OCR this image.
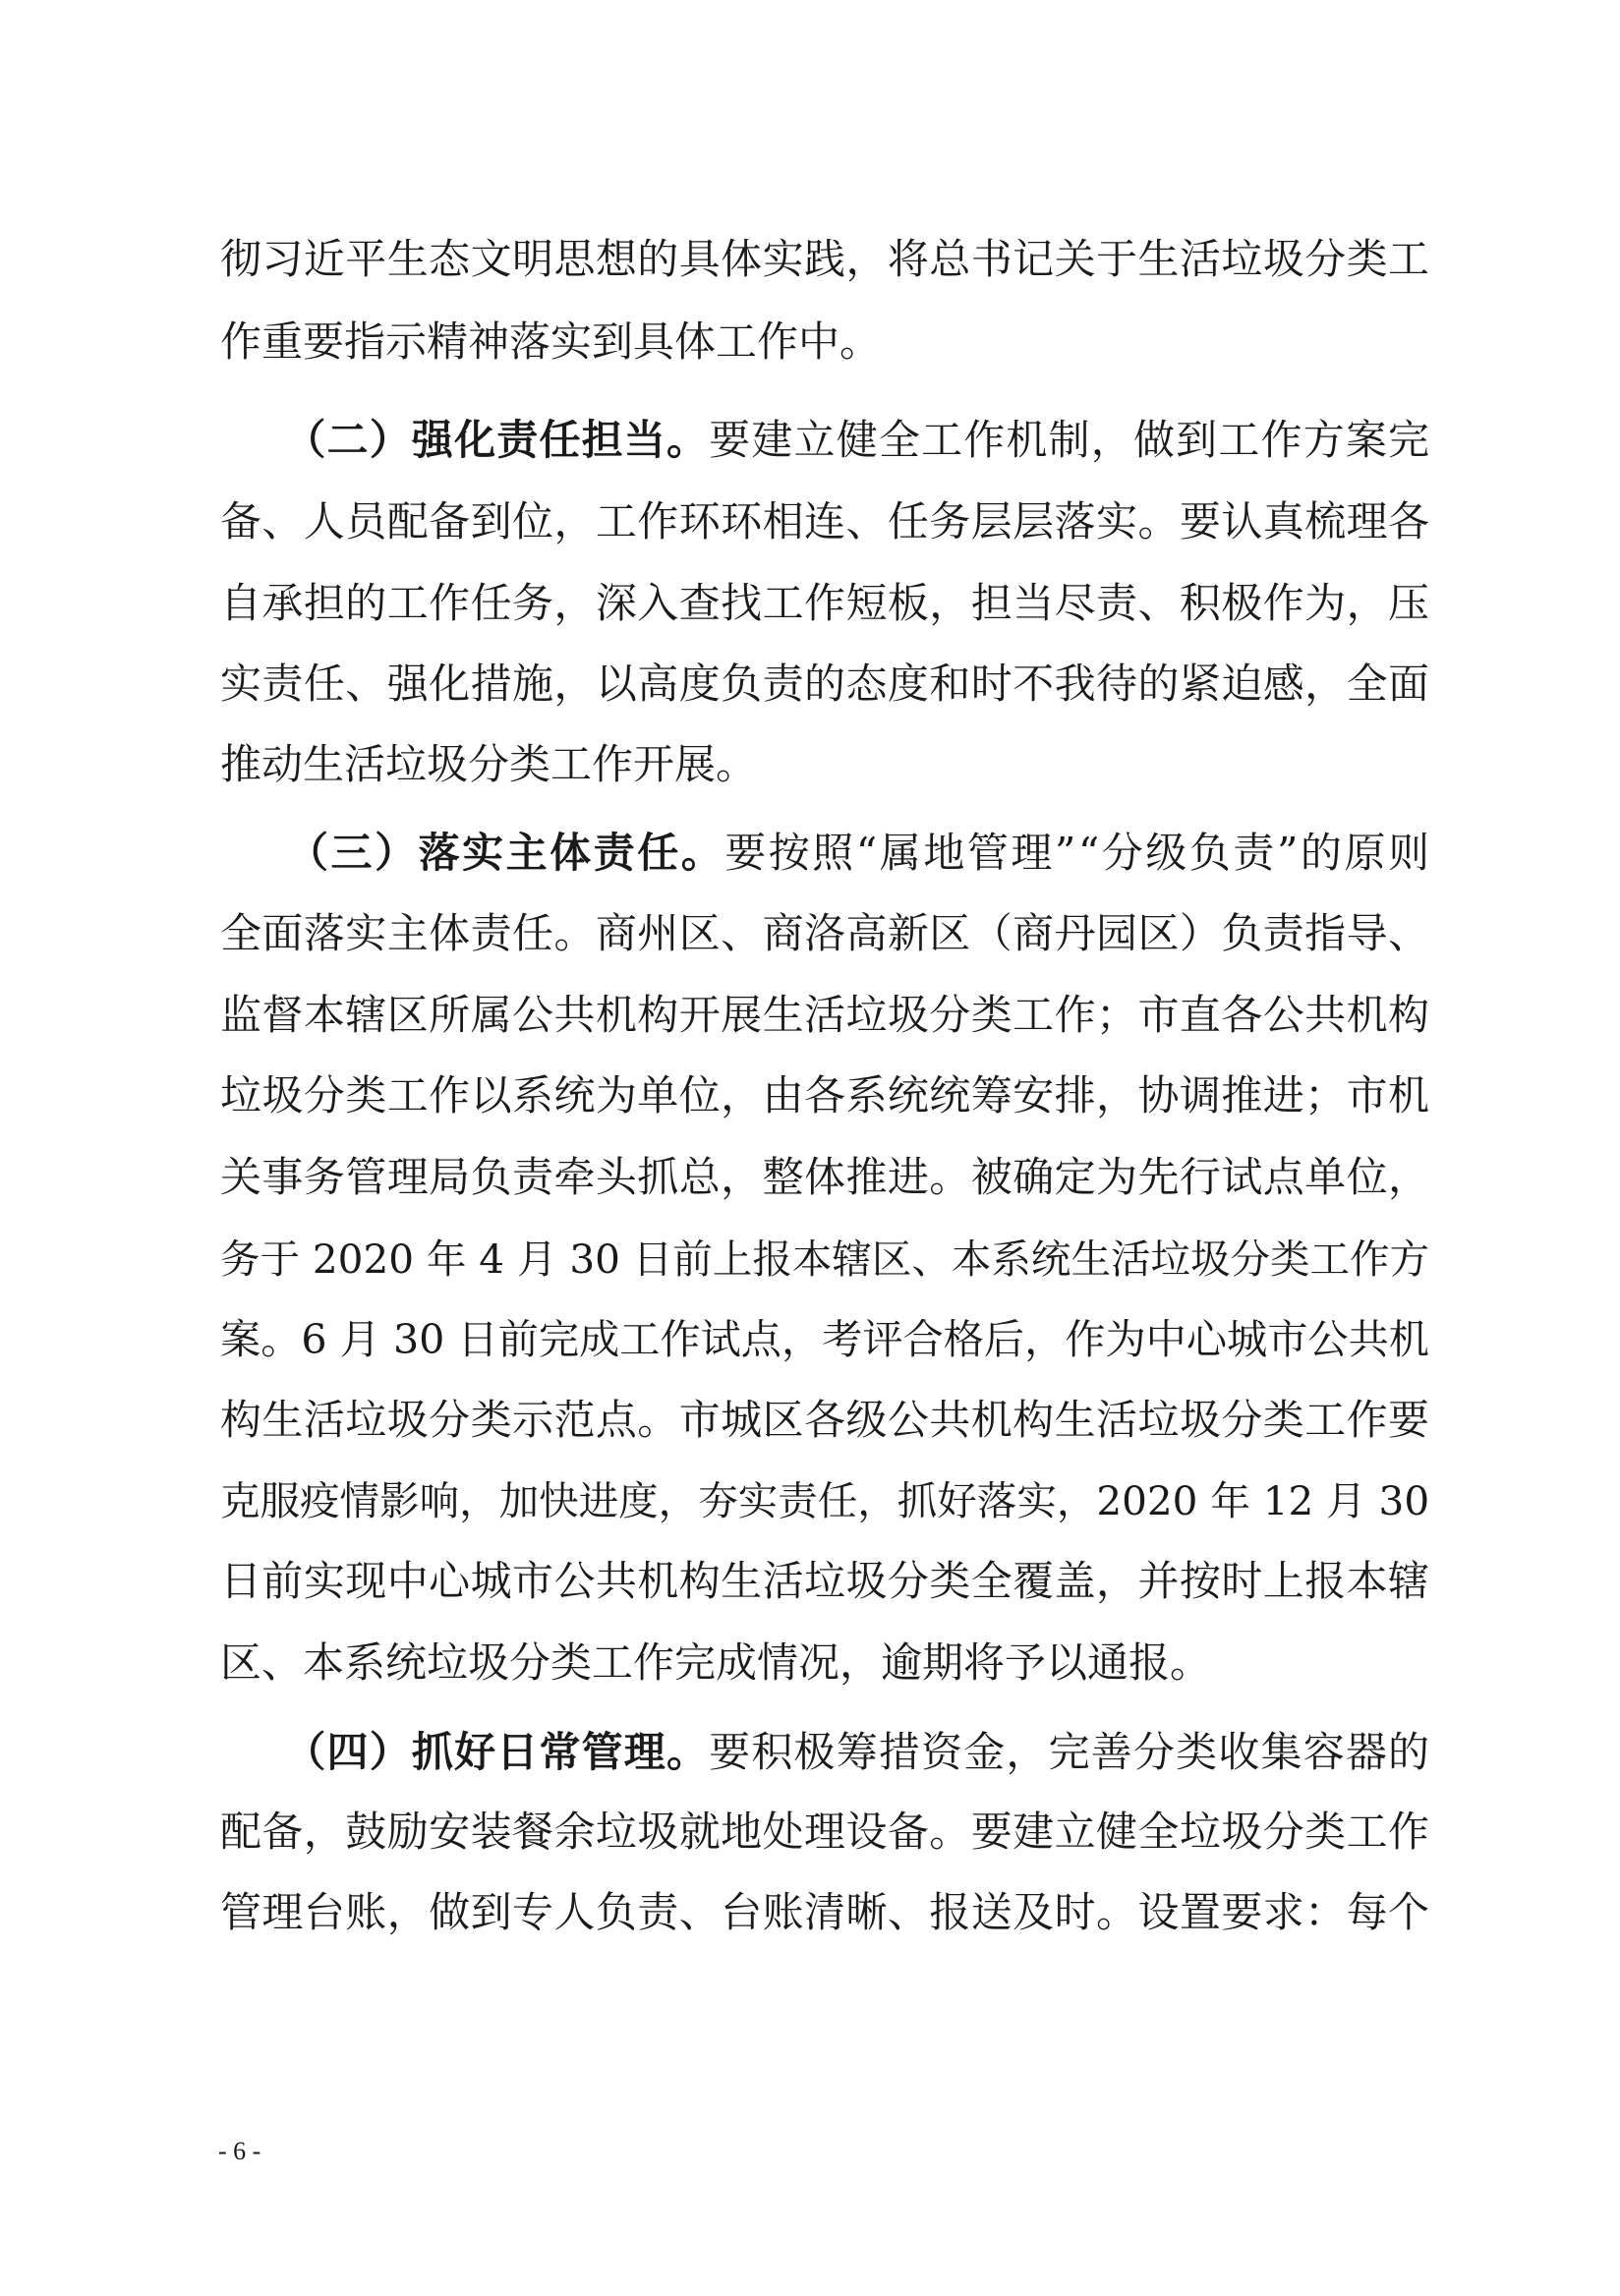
彻习近平生态文明思想的具体实践，将总书记关于生活垃圾分类工

作重要指示精神落实到具体工作中。

　　（二）强化责任担当。要建立健全工作机制，做到工作方案完

备、人员配备到位，工作环环相连、任务层层落实。要认真梳理各

自承担的工作任务，深入查找工作短板，担当尽责、积极作为，压

实责任、强化措施，以高度负责的态度和时不我待的紧迫感，全面

推动生活垃圾分类工作开展。

　　（三）落实主体责任。要按照“属地管理”“分级负责”的原则

全面落实主体责任。商州区、商洛高新区（商丹园区）负责指导、

监督本辖区所属公共机构开展生活垃圾分类工作；市直各公共机构

垃圾分类工作以系统为单位，由各系统统筹安排，协调推进；市机

关事务管理局负责牵头抓总，整体推进。被确定为先行试点单位，

务于 2020 年 4 月 30 日前上报本辖区、本系统生活垃圾分类工作方

案。6 月 30 日前完成工作试点，考评合格后，作为中心城市公共机

构生活垃圾分类示范点。市城区各级公共机构生活垃圾分类工作要

克服疫情影响，加快进度，夯实责任，抓好落实，2020 年 12 月 30

日前实现中心城市公共机构生活垃圾分类全覆盖，并按时上报本辖

区、本系统垃圾分类工作完成情况，逾期将予以通报。

　　（四）抓好日常管理。要积极筹措资金，完善分类收集容器的

配备，鼓励安装餐余垃圾就地处理设备。要建立健全垃圾分类工作

管理台账，做到专人负责、台账清晰、报送及时。设置要求：每个

- 6 -
